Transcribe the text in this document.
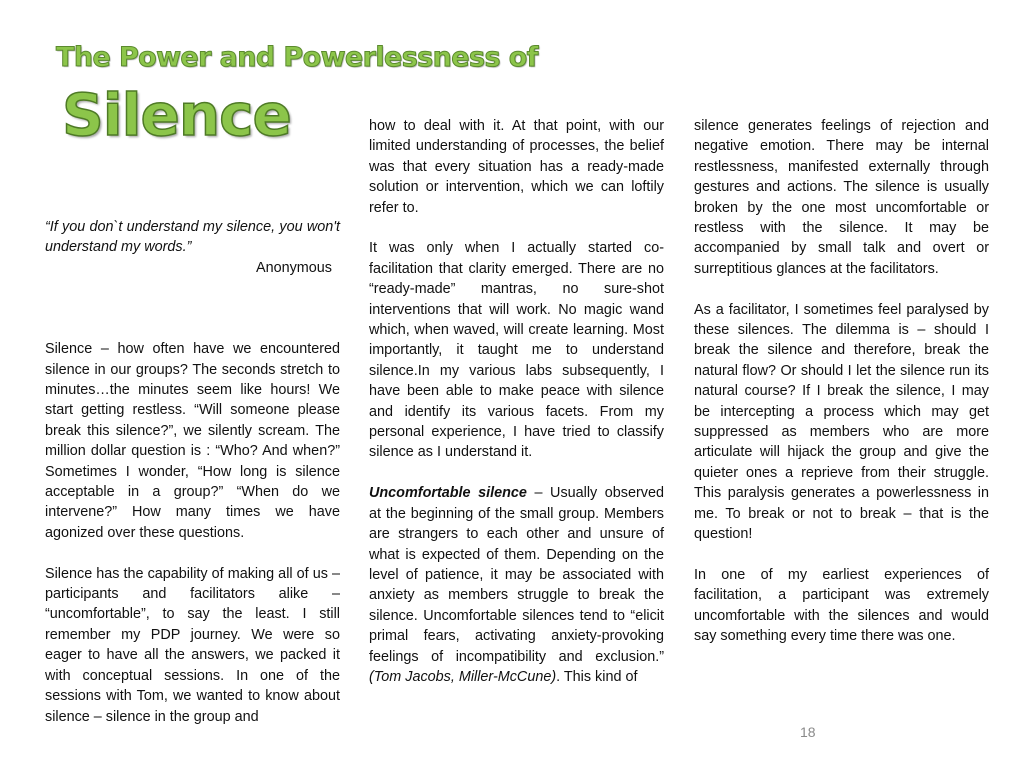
The Power and Powerlessness of
Silence

“If you don`t understand my silence, you won't understand my words.”

Anonymous

Silence – how often have we encountered silence in our groups? The seconds stretch to minutes…the minutes seem like hours! We start getting restless. “Will someone please break this silence?”, we silently scream. The million dollar question is : “Who? And when?” Sometimes I wonder, “How long is silence acceptable in a group?” “When do we intervene?” How many times we have agonized over these questions.

Silence has the capability of making all of us – participants and facilitators alike – “uncomfortable”, to say the least. I still remember my PDP journey. We were so eager to have all the answers, we packed it with conceptual sessions. In one of the sessions with Tom, we wanted to know about silence – silence in the group and

how to deal with it. At that point, with our limited understanding of processes, the belief was that every situation has a ready-made solution or intervention, which we can loftily refer to.

It was only when I actually started co-facilitation that clarity emerged. There are no “ready-made” mantras, no sure-shot interventions that will work. No magic wand which, when waved, will create learning. Most importantly, it taught me to understand silence.In my various labs subsequently, I have been able to make peace with silence and identify its various facets. From my personal experience, I have tried to classify silence as I understand it.

Uncomfortable silence – Usually observed at the beginning of the small group. Members are strangers to each other and unsure of what is expected of them. Depending on the level of patience, it may be associated with anxiety as members struggle to break the silence. Uncomfortable silences tend to “elicit primal fears, activating anxiety-provoking feelings of incompatibility and exclusion.” (Tom Jacobs, Miller-McCune). This kind of

silence generates feelings of rejection and negative emotion. There may be internal restlessness, manifested externally through gestures and actions. The silence is usually broken by the one most uncomfortable or restless with the silence. It may be accompanied by small talk and overt or surreptitious glances at the facilitators.

As a facilitator, I sometimes feel paralysed by these silences. The dilemma is – should I break the silence and therefore, break the natural flow? Or should I let the silence run its natural course? If I break the silence, I may be intercepting a process which may get suppressed as members who are more articulate will hijack the group and give the quieter ones a reprieve from their struggle. This paralysis generates a powerlessness in me. To break or not to break – that is the question!

In one of my earliest experiences of facilitation, a participant was extremely uncomfortable with the silences and would say something every time there was one.

18
